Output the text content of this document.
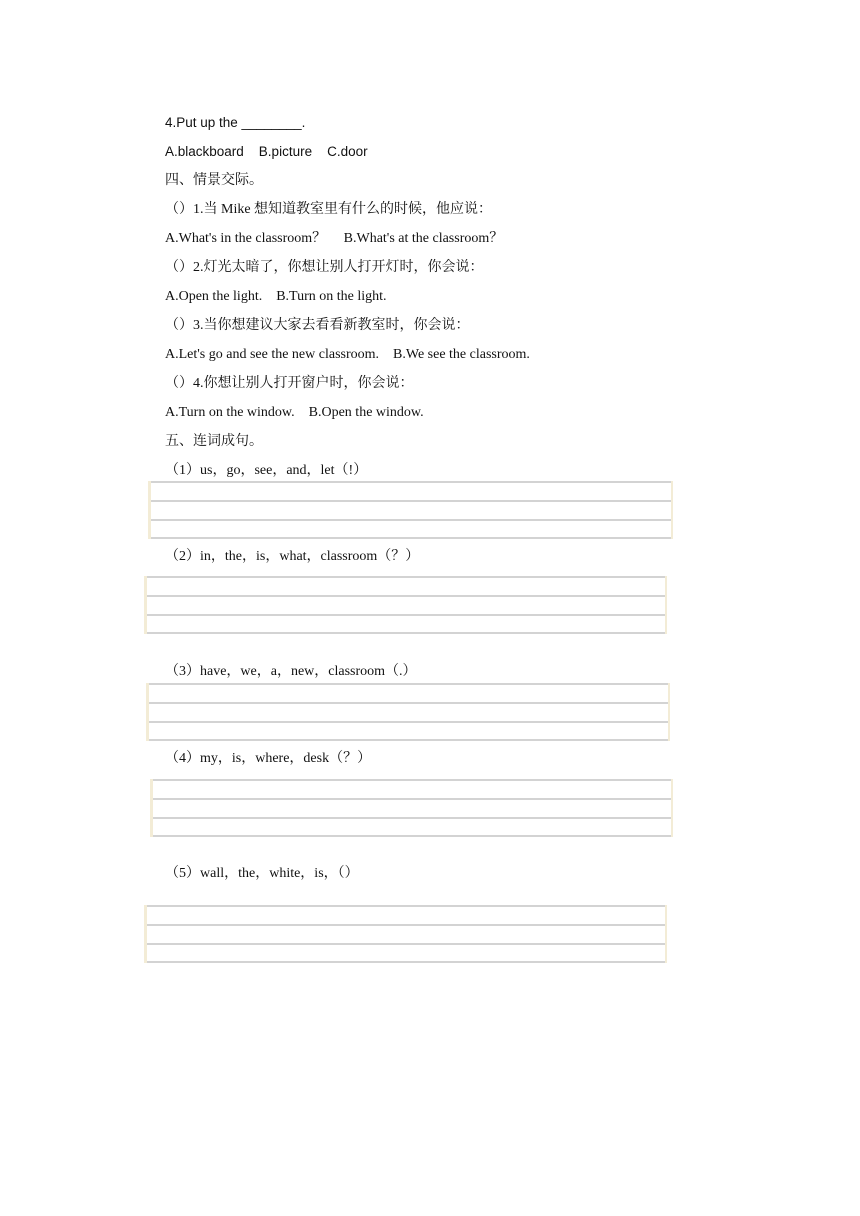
4.Put up the ________.
A.blackboard    B.picture    C.door
四、情景交际。
（）1.当 Mike 想知道教室里有什么的时候，他应说：
A.What's in the classroom？     B.What's at the classroom？
（）2.灯光太暗了，你想让别人打开灯时，你会说：
A.Open the light.    B.Turn on the light.
（）3.当你想建议大家去看看新教室时，你会说：
A.Let's go and see the new classroom.    B.We see the classroom.
（）4.你想让别人打开窗户时，你会说：
A.Turn on the window.    B.Open the window.
五、连词成句。
（1）us，go，see，and，let（!）
（2）in，the，is，what，classroom（？）
（3）have，we，a，new，classroom（.）
（4）my，is，where，desk（？）
（5）wall，the，white，is，（）
